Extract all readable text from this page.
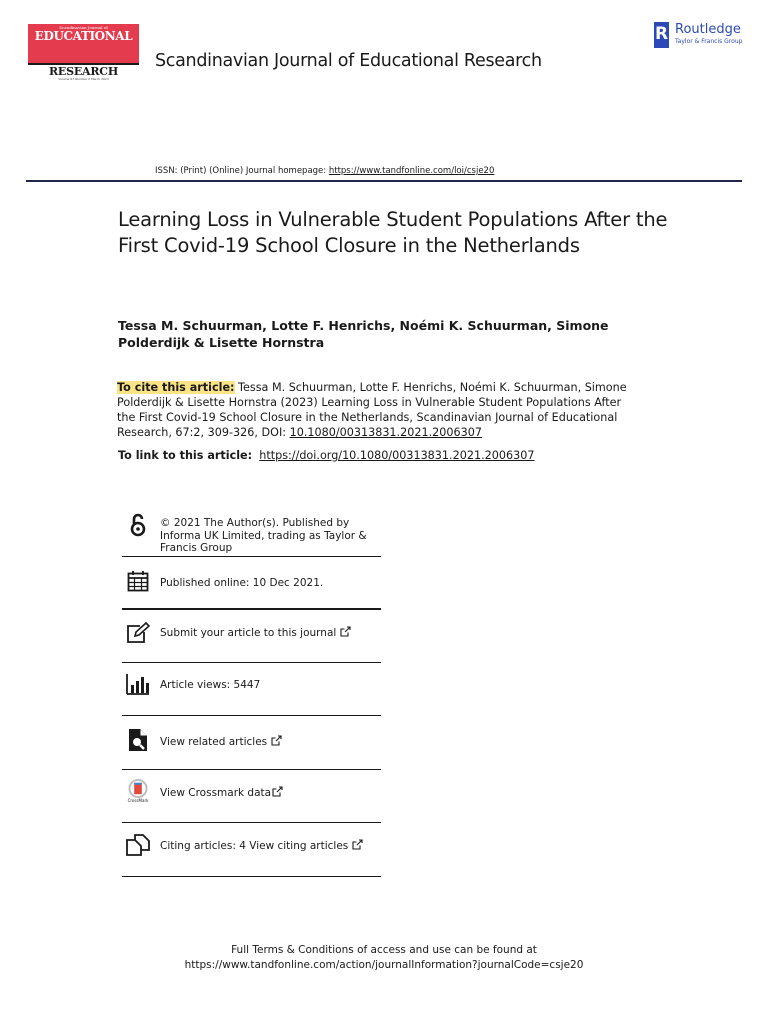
Scandinavian Journal of
EDUCATIONAL
RESEARCH
Volume 67 Number 2 March 2023
Scandinavian Journal of Educational Research
R Routledge
Taylor & Francis Group
ISSN: (Print) (Online) Journal homepage: https://www.tandfonline.com/loi/csje20
Learning Loss in Vulnerable Student Populations After the First Covid-19 School Closure in the Netherlands
Tessa M. Schuurman, Lotte F. Henrichs, Noémi K. Schuurman, Simone Polderdijk & Lisette Hornstra
To cite this article: Tessa M. Schuurman, Lotte F. Henrichs, Noémi K. Schuurman, Simone Polderdijk & Lisette Hornstra (2023) Learning Loss in Vulnerable Student Populations After the First Covid-19 School Closure in the Netherlands, Scandinavian Journal of Educational Research, 67:2, 309-326, DOI: 10.1080/00313831.2021.2006307
To link to this article: https://doi.org/10.1080/00313831.2021.2006307
© 2021 The Author(s). Published by Informa UK Limited, trading as Taylor & Francis Group
Published online: 10 Dec 2021.
Submit your article to this journal
Article views: 5447
View related articles
CrossMark
View Crossmark data
Citing articles: 4 View citing articles
Full Terms & Conditions of access and use can be found at
https://www.tandfonline.com/action/journalInformation?journalCode=csje20
